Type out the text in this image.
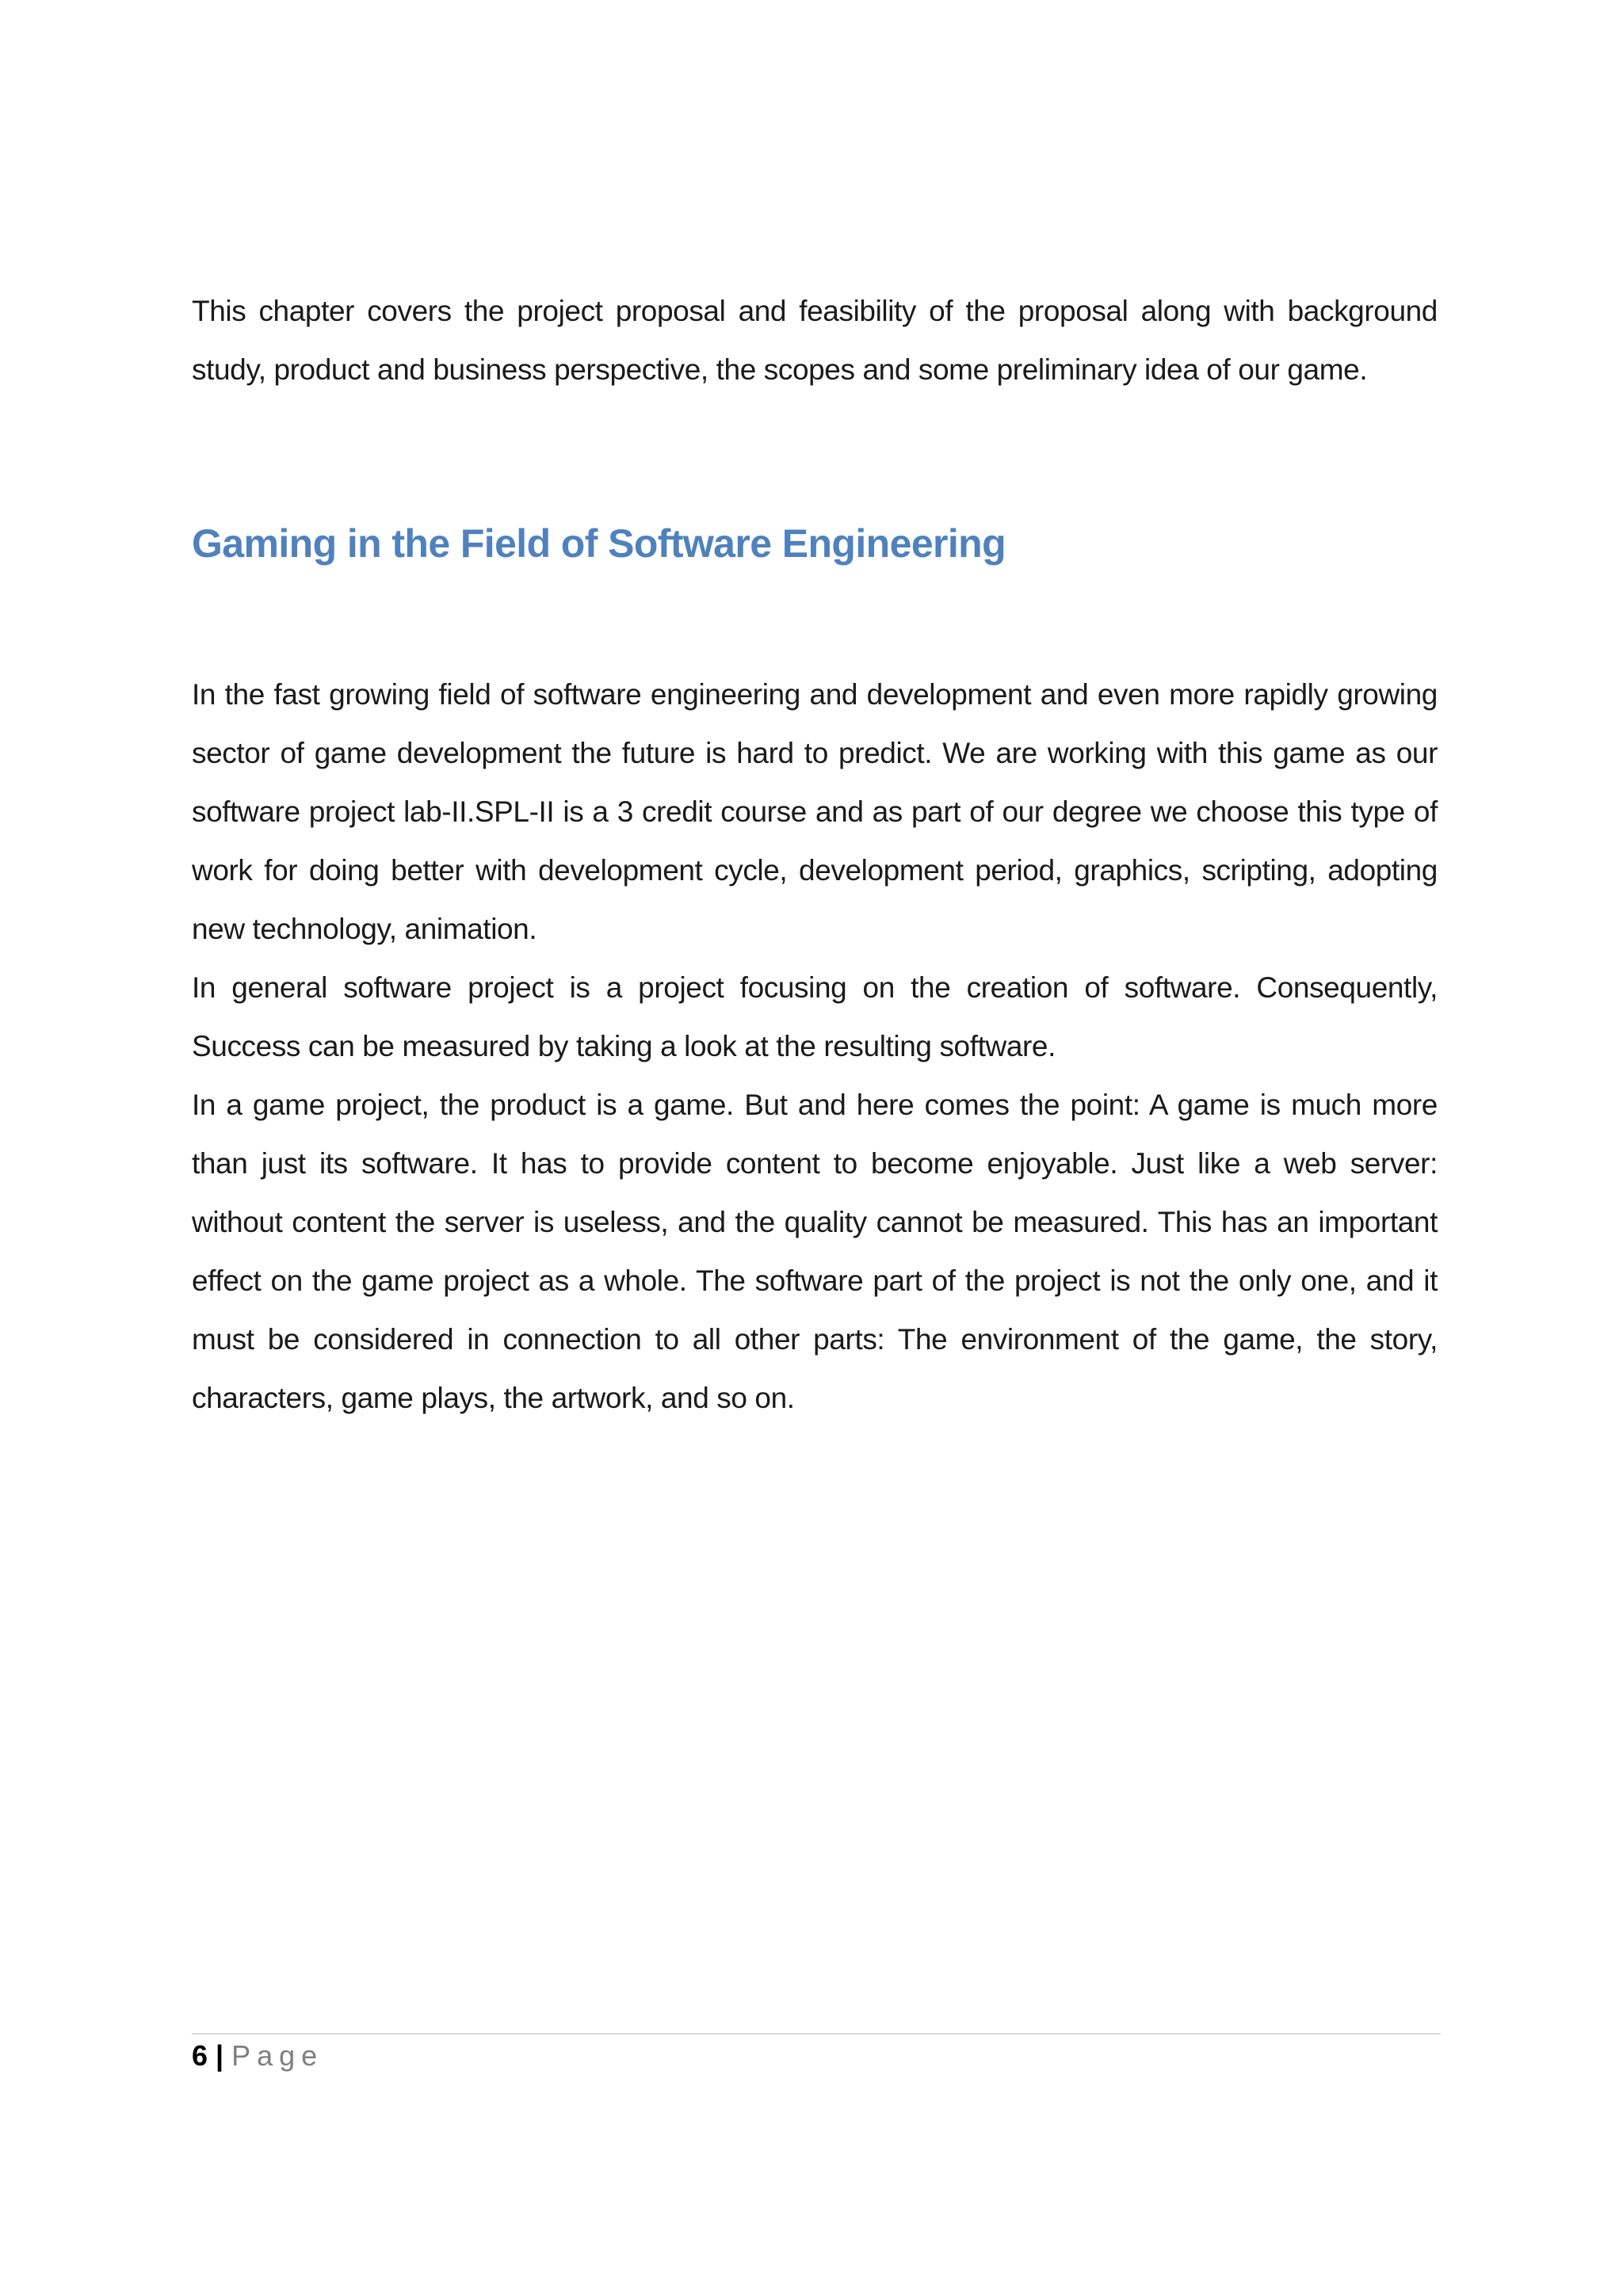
This chapter covers the project proposal and feasibility of the proposal along with background study, product and business perspective, the scopes and some preliminary idea of our game.

Gaming in the Field of Software Engineering

In the fast growing field of software engineering and development and even more rapidly growing sector of game development the future is hard to predict. We are working with this game as our software project lab-II.SPL-II is a 3 credit course and as part of our degree we choose this type of work for doing better with development cycle, development period, graphics, scripting, adopting new technology, animation.

In general software project is a project focusing on the creation of software. Consequently, Success can be measured by taking a look at the resulting software.

In a game project, the product is a game. But and here comes the point: A game is much more than just its software. It has to provide content to become enjoyable. Just like a web server: without content the server is useless, and the quality cannot be measured. This has an important effect on the game project as a whole. The software part of the project is not the only one, and it must be considered in connection to all other parts: The environment of the game, the story, characters, game plays, the artwork, and so on.

6 | Page
